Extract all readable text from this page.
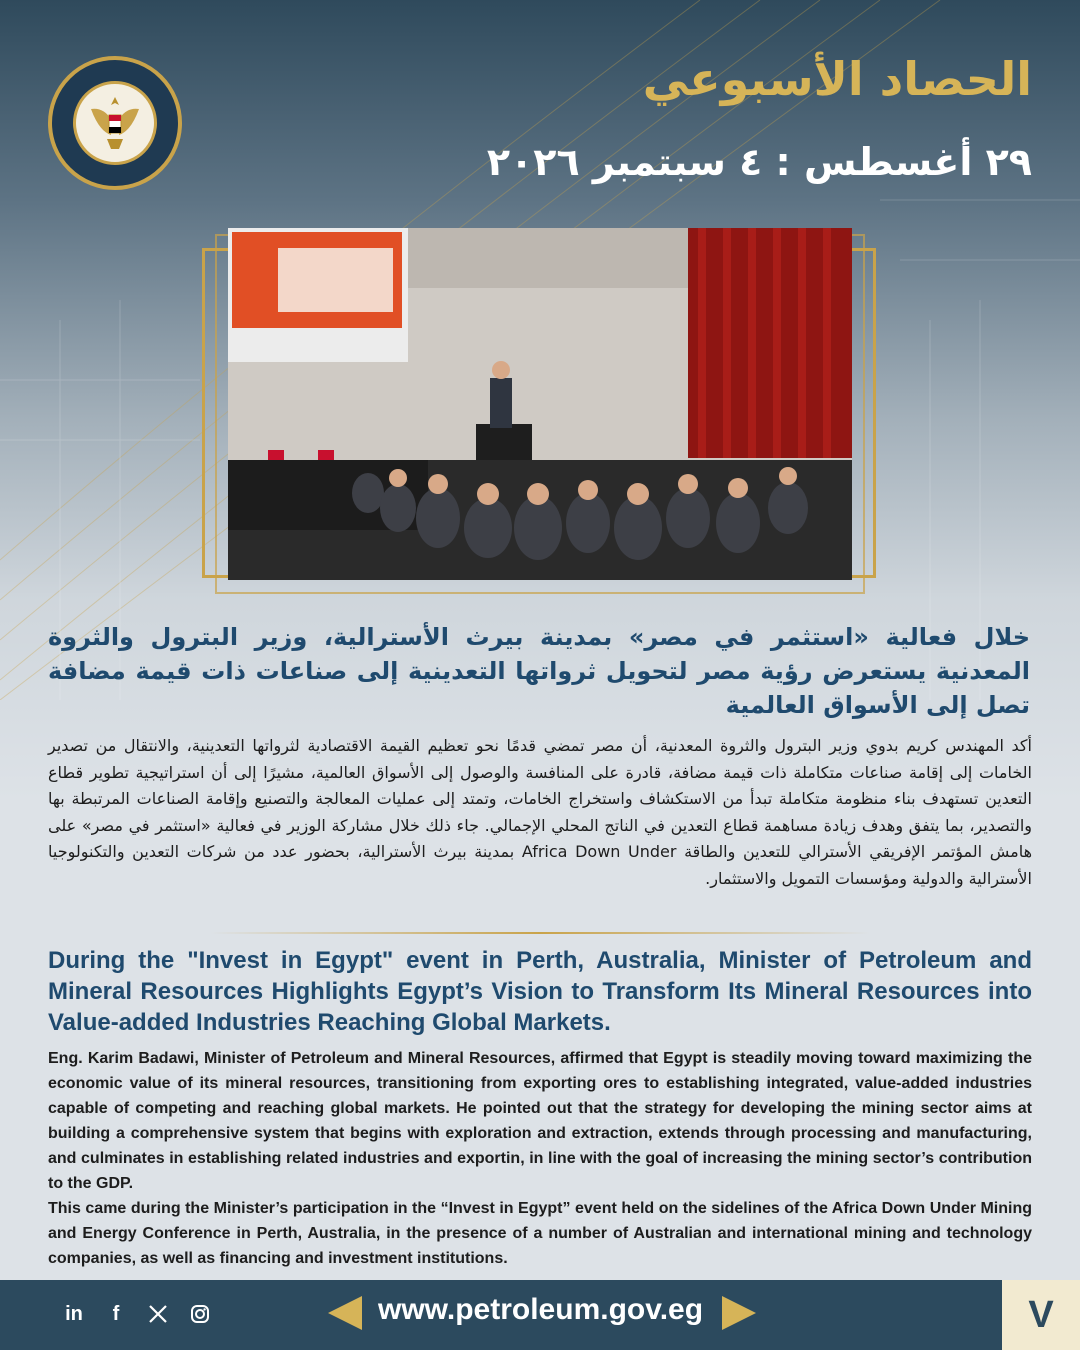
الحصاد الأسبوعي
٢٩ أغسطس : ٤ سبتمبر ٢٠٢٦
خلال فعالية «استثمر في مصر» بمدينة بيرث الأسترالية، وزير البترول والثروة المعدنية يستعرض رؤية مصر لتحويل ثرواتها التعدينية إلى صناعات ذات قيمة مضافة تصل إلى الأسواق العالمية
أكد المهندس كريم بدوي وزير البترول والثروة المعدنية، أن مصر تمضي قدمًا نحو تعظيم القيمة الاقتصادية لثرواتها التعدينية، والانتقال من تصدير الخامات إلى إقامة صناعات متكاملة ذات قيمة مضافة، قادرة على المنافسة والوصول إلى الأسواق العالمية، مشيرًا إلى أن استراتيجية تطوير قطاع التعدين تستهدف بناء منظومة متكاملة تبدأ من الاستكشاف واستخراج الخامات، وتمتد إلى عمليات المعالجة والتصنيع وإقامة الصناعات المرتبطة بها والتصدير، بما يتفق وهدف زيادة مساهمة قطاع التعدين في الناتج المحلي الإجمالي. جاء ذلك خلال مشاركة الوزير في فعالية «استثمر في مصر» على هامش المؤتمر الإفريقي الأسترالي للتعدين والطاقة Africa Down Under بمدينة بيرث الأسترالية، بحضور عدد من شركات التعدين والتكنولوجيا الأسترالية والدولية ومؤسسات التمويل والاستثمار.
During the "Invest in Egypt" event in Perth, Australia, Minister of Petroleum and Mineral Resources Highlights Egypt’s Vision to Transform Its Mineral Resources into Value-added Industries Reaching Global Markets.

Eng. Karim Badawi, Minister of Petroleum and Mineral Resources, affirmed that Egypt is steadily moving toward maximizing the economic value of its mineral resources, transitioning from exporting ores to establishing integrated, value-added industries capable of competing and reaching global markets. He pointed out that the strategy for developing the mining sector aims at building a comprehensive system that begins with exploration and extraction, extends through processing and manufacturing, and culminates in establishing related industries and exportin, in line with the goal of increasing the mining sector’s contribution to the GDP.

This came during the Minister’s participation in the “Invest in Egypt” event held on the sidelines of the Africa Down Under Mining and Energy Conference in Perth, Australia, in the presence of a number of Australian and international mining and technology companies, as well as financing and investment institutions.

in	f	www.petroleum.gov.eg	V
